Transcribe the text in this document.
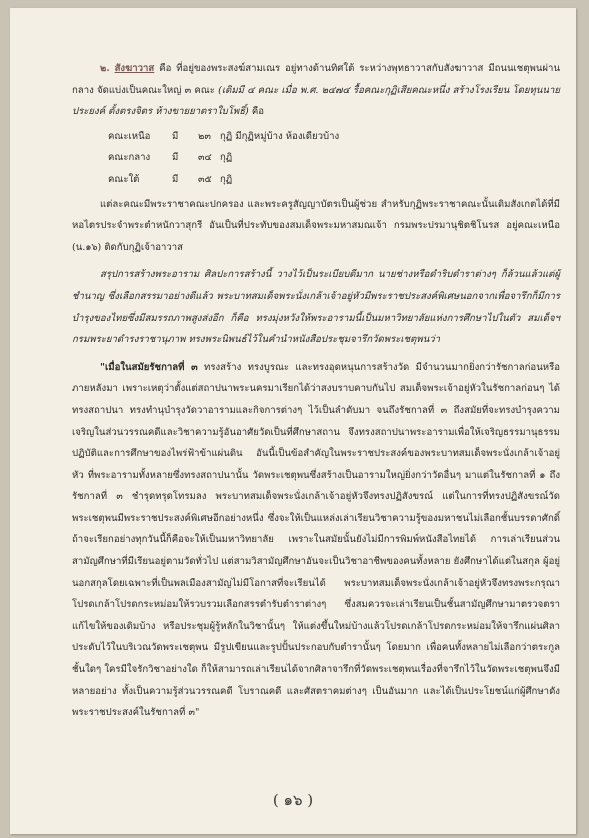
๒. สังฆาวาส คือ ที่อยู่ของพระสงฆ์สามเณร อยู่ทางด้านทิศใต้ ระหว่างพุทธาวาสกับสังฆาวาส มีถนนเชตุพนผ่านกลาง จัดแบ่งเป็นคณะใหญ่ ๓ คณะ (เดิมมี ๔ คณะ เมื่อ พ.ศ. ๒๔๗๔ รื้อคณะกุฏิเสียคณะหนึ่ง สร้างโรงเรียน โดยทุนนายประยงค์ ตั้งตรงจิตร ห้างขายยาตราใบโพธิ์) คือ

คณะเหนือ	มี	๒๓ กุฏิ มีกุฏิหมู่บ้าง ห้องเดียวบ้าง
คณะกลาง	มี	๓๔ กุฏิ
คณะใต้	มี	๓๕ กุฏิ

แต่ละคณะมีพระราชาคณะปกครอง และพระครูสัญญาบัตรเป็นผู้ช่วย สำหรับกุฏิพระราชาคณะนั้นเดิมสังเกตได้ที่มีหอไตรประจำพระตำหนักวาสุกรี อันเป็นที่ประทับของสมเด็จพระมหาสมณเจ้า กรมพระปรมานุชิตชิโนรส อยู่คณะเหนือ (น.๑๖) ติดกับกุฏิเจ้าอาวาส

สรุปการสร้างพระอาราม ศิลปะการสร้างนี้ วางไว้เป็นระเบียบดีมาก นายช่างหรือดำริบดำราต่างๆ ก็ล้วนแล้วแต่ผู้ชำนาญ ซึ่งเลือกสรรมาอย่างดีแล้ว พระบาทสมเด็จพระนั่งเกล้าเจ้าอยู่หัวมีพระราชประสงค์พิเศษนอกจากเพื่อจารึกก็มีการบำรุงของไทยซึ่งมีสมรรถภาพสูงส่งอีก ก็คือ ทรงมุ่งหวังให้พระอารามนี้เป็นมหาวิทยาลัยแห่งการศึกษาไปในตัว สมเด็จฯ กรมพระยาดำรงราชานุภาพ ทรงพระนิพนธ์ไว้ในคำนำหนังสือประชุมจารึกวัดพระเชตุพนว่า

"เมื่อในสมัยรัชกาลที่ ๓ ทรงสร้าง ทรงบูรณะ และทรงอุดหนุนการสร้างวัด มีจำนวนมากยิ่งกว่ารัชกาลก่อนหรือภายหลังมา เพราะเหตุว่าตั้งแต่สถาปนาพระนครมาเรียกได้ว่าสงบราบคาบกันไป สมเด็จพระเจ้าอยู่หัวในรัชกาลก่อนๆ ได้ทรงสถาปนา ทรงทำนุบำรุงวัดวาอารามและกิจการต่างๆ ไว้เป็นลำดับมา จนถึงรัชกาลที่ ๓ ถึงสมัยที่จะทรงบำรุงความเจริญในส่วนวรรณคดีและวิชาความรู้อันอาศัยวัดเป็นที่ศึกษาสถาน จึงทรงสถาปนาพระอารามเพื่อให้เจริญธรรมานุธรรมปฏิบัติและการศึกษาของไพร่ฟ้าข้าแผ่นดิน อันนี้เป็นข้อสำคัญในพระราชประสงค์ของพระบาทสมเด็จพระนั่งเกล้าเจ้าอยู่หัว ที่พระอารามทั้งหลายซึ่งทรงสถาปนานั้น วัดพระเชตุพนซึ่งสร้างเป็นอารามใหญ่ยิ่งกว่าวัดอื่นๆ มาแต่ในรัชกาลที่ ๑ ถึงรัชกาลที่ ๓ ชำรุดทรุดโทรมลง พระบาทสมเด็จพระนั่งเกล้าเจ้าอยู่หัวจึงทรงปฏิสังขรณ์ แต่ในการที่ทรงปฏิสังขรณ์วัดพระเชตุพนมีพระราชประสงค์พิเศษอีกอย่างหนึ่ง ซึ่งจะให้เป็นแหล่งเล่าเรียนวิชาความรู้ของมหาชนไม่เลือกชั้นบรรดาศักดิ์ ถ้าจะเรียกอย่างทุกวันนี้ก็คือจะให้เป็นมหาวิทยาลัย เพราะในสมัยนั้นยังไม่มีการพิมพ์หนังสือไทยได้ การเล่าเรียนส่วนสามัญศึกษาที่มีเรียนอยู่ตามวัดทั่วไป แต่สามวิสามัญศึกษาอันจะเป็นวิชาอาชีพของคนทั้งหลาย ยังศึกษาได้แต่ในสกุล ผู้อยู่นอกสกุลโดยเฉพาะที่เป็นพลเมืองสามัญไม่มีโอกาสที่จะเรียนได้ พระบาทสมเด็จพระนั่งเกล้าเจ้าอยู่หัวจึงทรงพระกรุณาโปรดเกล้าโปรดกระหม่อมให้รวบรวมเลือกสรรตำรับตำราต่างๆ ซึ่งสมควรจะเล่าเรียนเป็นชั้นสามัญศึกษามาตรวจตราแก้ไขให้ของเดิมบ้าง หรือประชุมผู้รู้หลักในวิชานั้นๆ ให้แต่งขึ้นใหม่บ้างแล้วโปรดเกล้าโปรดกระหม่อมให้จารึกแผ่นศิลาประดับไว้ในบริเวณวัดพระเชตุพน มีรูปเขียนและรูปปั้นประกอบกับตำรานั้นๆ โดยมาก เพื่อคนทั้งหลายไม่เลือกว่าตระกูลชั้นใดๆ ใครมีใจรักวิชาอย่างใด ก็ให้สามารถเล่าเรียนได้จากศิลาจารึกที่วัดพระเชตุพนเรื่องที่จารึกไว้ในวัดพระเชตุพนจึงมีหลายอย่าง ทั้งเป็นความรู้ส่วนวรรณคดี โบราณคดี และศัสตราคมต่างๆ เป็นอันมาก และได้เป็นประโยชน์แก่ผู้ศึกษาดังพระราชประสงค์ในรัชกาลที่ ๓"

( ๑๖ )
